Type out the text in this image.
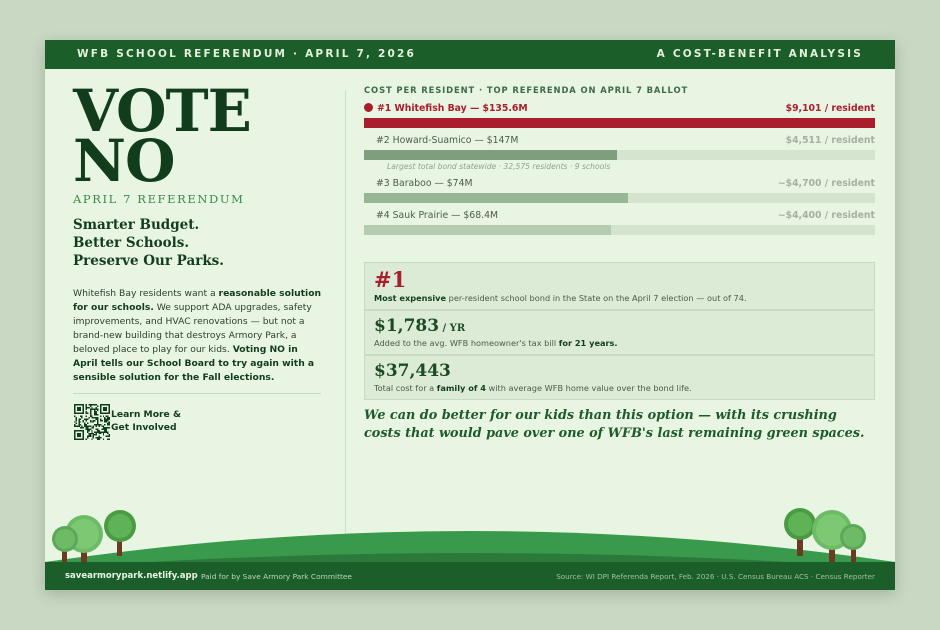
WFB SCHOOL REFERENDUM · APRIL 7, 2026	A COST-BENEFIT ANALYSIS
VOTE
NO
APRIL 7 REFERENDUM
Smarter Budget.
Better Schools.
Preserve Our Parks.
Whitefish Bay residents want a reasonable solution for our schools. We support ADA upgrades, safety improvements, and HVAC renovations — but not a brand-new building that destroys Armory Park, a beloved place to play for our kids. Voting NO in April tells our School Board to try again with a sensible solution for the Fall elections.
Learn More &
Get Involved
COST PER RESIDENT · TOP REFERENDA ON APRIL 7 BALLOT
#1 Whitefish Bay — $135.6M	$9,101 / resident
#2 Howard-Suamico — $147M	$4,511 / resident
Largest total bond statewide · 32,575 residents · 9 schools
#3 Baraboo — $74M	~$4,700 / resident
#4 Sauk Prairie — $68.4M	~$4,400 / resident
#1
Most expensive per-resident school bond in the State on the April 7 election — out of 74.
$1,783 / YR
Added to the avg. WFB homeowner's tax bill for 21 years.
$37,443
Total cost for a family of 4 with average WFB home value over the bond life.
We can do better for our kids than this option — with its crushing costs that would pave over one of WFB's last remaining green spaces.
savearmorypark.netlify.app Paid for by Save Armory Park Committee	Source: WI DPI Referenda Report, Feb. 2026 · U.S. Census Bureau ACS · Census Reporter
